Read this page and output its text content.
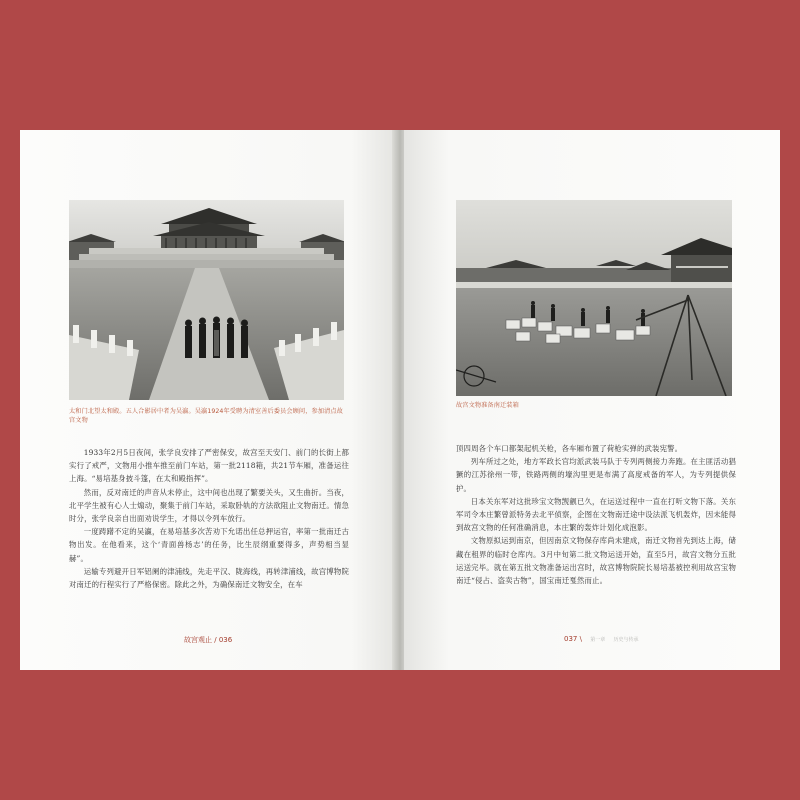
太和门北望太和殿。五人合影居中者为吴瀛。吴瀛1924年受聘为清室善后委员会顾问，参加清点故宫文物

1933年2月5日夜间，张学良安排了严密保安，故宫至天安门、前门的长街上都实行了戒严，文物用小推车推至前门车站，第一批2118箱，共21节车厢，准备运往上海。“易培基身披斗篷，在太和殿指挥”。

然而，反对南迁的声音从未停止，这中间也出现了繁要关头，又生曲折。当夜，北平学生被有心人士煽动，聚集于前门车站，采取卧轨的方法欲阻止文物南迁。情急时分，张学良亲自出面劝说学生，才得以令列车放行。

一度踌躇不定的吴瀛，在易培基多次苦劝下允诺出任总押运官，率第一批南迁古物出发。在他看来，这个‘青面兽杨志’的任务，比生辰纲重要得多，声势相当显赫”。

运输专列避开日军铝阑的津浦线，先走平汉、陇海线，再转津浦线，故宫博物院对南迁的行程实行了严格保密。除此之外，为确保南迁文物安全，在车

故宫观止 / 036
故宫文物准备南迁装箱

顶四周各个车口都架起机关枪，各车厢布置了荷枪实弹的武装宪警。

列车所过之处，地方军政长官均派武装马队于专列两侧接力奔跑。在主匪活动猖獗的江苏徐州一带，铁路两侧的壕沟里更是布满了高度戒备的军人，为专列提供保护。

日本关东军对这批珍宝文物觊觎已久，在运送过程中一直在打听文物下落。关东军司令本庄繁曾派特务去北平侦察，企图在文物南迁途中设法派飞机轰炸，因未能得到故宫文物的任何准确消息，本庄繁的轰炸计划化成泡影。

文物原拟运到南京，但因南京文物保存库尚未建成，南迁文物首先到达上海，储藏在租界的临时仓库内。3月中旬第二批文物运送开始，直至5月，故宫文物分五批运送完毕。就在第五批文物准备运出宫时，故宫博物院院长易培基被控利用故宫宝物南迁“侵占、盗卖古物”，国宝南迁戛然而止。

037 \ 第一章 历史与传承
